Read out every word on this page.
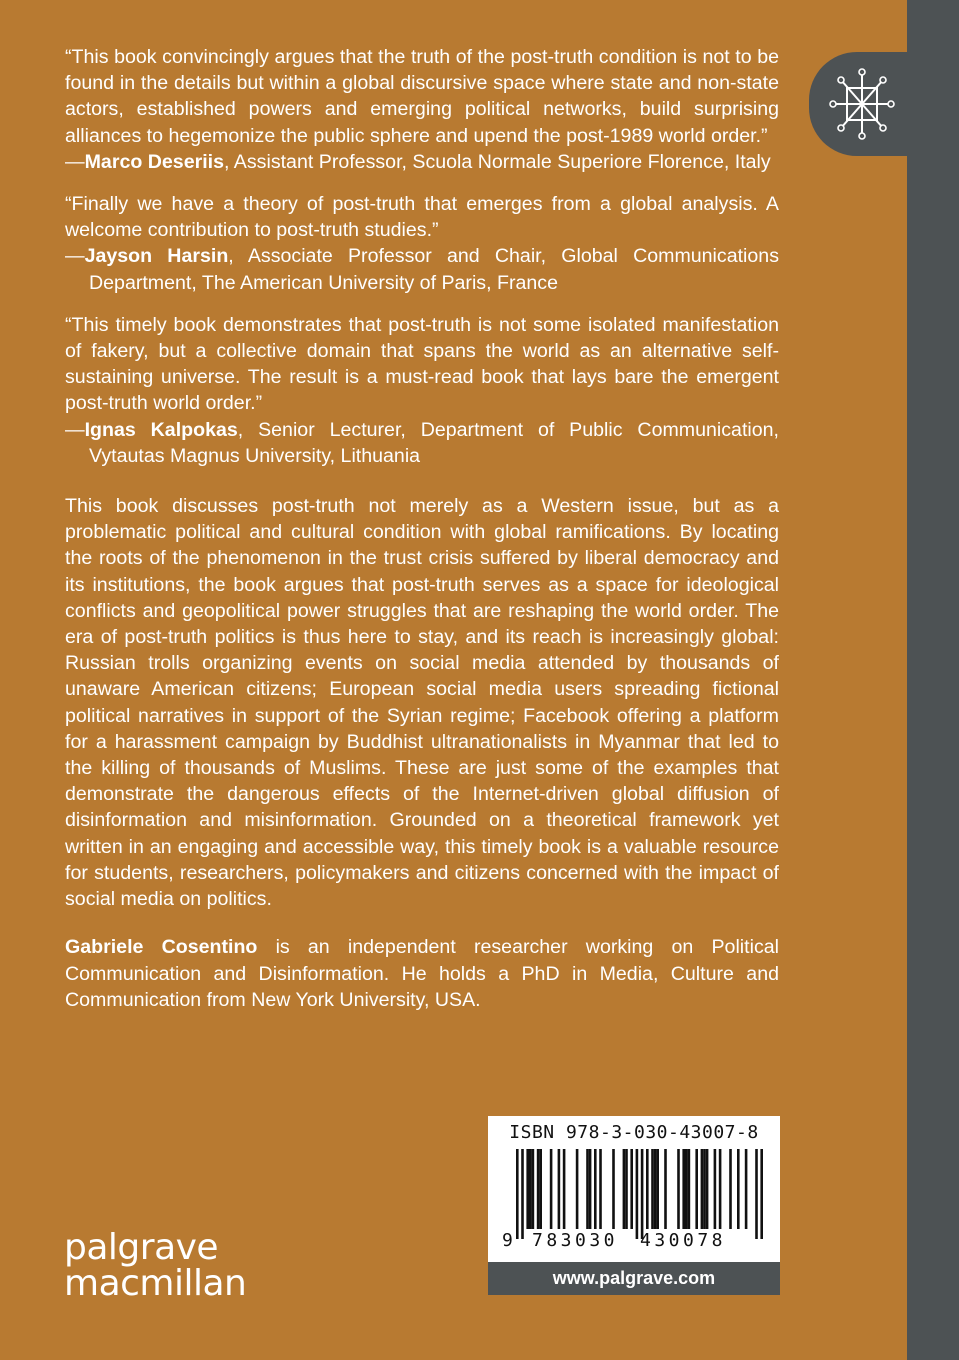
“This book convincingly argues that the truth of the post-truth condition is not to be found in the details but within a global discursive space where state and non-state actors, established powers and emerging political networks, build surprising alliances to hegemonize the public sphere and upend the post-1989 world order.”

—Marco Deseriis, Assistant Professor, Scuola Normale Superiore Florence, Italy

“Finally we have a theory of post-truth that emerges from a global analysis. A welcome contribution to post-truth studies.”

—Jayson Harsin, Associate Professor and Chair, Global Communications Department, The American University of Paris, France

“This timely book demonstrates that post-truth is not some isolated manifestation of fakery, but a collective domain that spans the world as an alternative self-sustaining universe. The result is a must-read book that lays bare the emergent post-truth world order.”

—Ignas Kalpokas, Senior Lecturer, Department of Public Communication, Vytautas Magnus University, Lithuania

This book discusses post-truth not merely as a Western issue, but as a problematic political and cultural condition with global ramifications. By locating the roots of the phenomenon in the trust crisis suffered by liberal democracy and its institutions, the book argues that post-truth serves as a space for ideological conflicts and geopolitical power struggles that are reshaping the world order. The era of post-truth politics is thus here to stay, and its reach is increasingly global: Russian trolls organizing events on social media attended by thousands of unaware American citizens; European social media users spreading fictional political narratives in support of the Syrian regime; Facebook offering a platform for a harassment campaign by Buddhist ultranationalists in Myanmar that led to the killing of thousands of Muslims. These are just some of the examples that demonstrate the dangerous effects of the Internet-driven global diffusion of disinformation and misinformation. Grounded on a theoretical framework yet written in an engaging and accessible way, this timely book is a valuable resource for students, researchers, policymakers and citizens concerned with the impact of social media on politics.

Gabriele Cosentino is an independent researcher working on Political Communication and Disinformation. He holds a PhD in Media, Culture and Communication from New York University, USA.

ISBN 978-3-030-43007-8
9 783030 430078
www.palgrave.com
palgrave
macmillan
